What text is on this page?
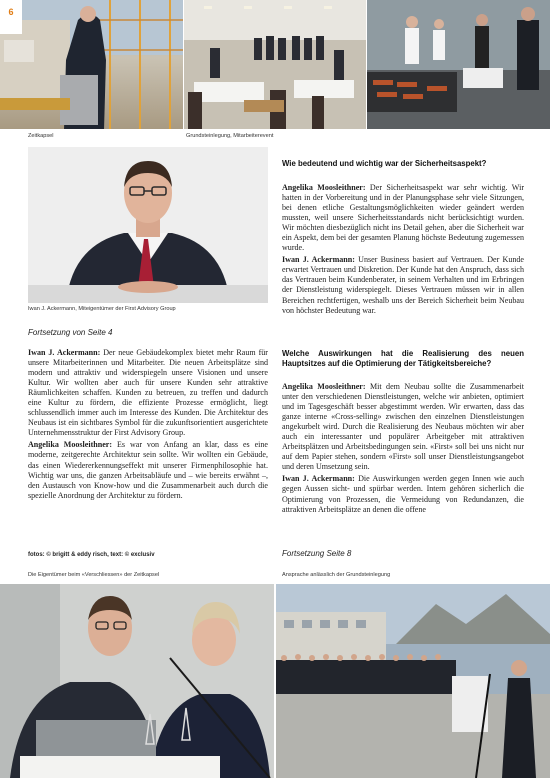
6
Zeitkapsel	Grundsteinlegung, Mitarbeiterevent
Iwan J. Ackermann, Miteigentümer der First Advisory Group
Fortsetzung von Seite 4

Iwan J. Ackermann: Der neue Gebäudekomplex bietet mehr Raum für unsere Mitarbeiterinnen und Mitarbeiter. Die neuen Arbeitsplätze sind modern und attraktiv und widerspiegeln unsere Visionen und unsere Kultur. Wir wollten aber auch für unsere Kunden sehr attraktive Räumlichkeiten schaffen. Kunden zu betreuen, zu treffen und dadurch eine Kultur zu fördern, die effiziente Prozesse ermöglicht, liegt schlussendlich immer auch im Interesse des Kunden. Die Architektur des Neubaus ist ein sichtbares Symbol für die zukunftsorientiert ausgerichtete Unternehmensstruktur der First Advisory Group.

Angelika Moosleithner: Es war von Anfang an klar, dass es eine moderne, zeitgerechte Architektur sein sollte. Wir wollten ein Gebäude, das einen Wiedererkennungseffekt mit unserer Firmenphilosophie hat. Wichtig war uns, die ganzen Arbeitsabläufe und – wie bereits erwähnt –, den Austausch von Know-how und die Zusammenarbeit auch durch die spezielle Anordnung der Architektur zu fördern.

fotos: © brigitt & eddy risch, text: © exclusiv
Wie bedeutend und wichtig war der Sicherheitsaspekt?

Angelika Moosleithner: Der Sicherheitsaspekt war sehr wichtig. Wir hatten in der Vorbereitung und in der Planungsphase sehr viele Sitzungen, bei denen etliche Gestaltungsmöglichkeiten wieder geändert werden mussten, weil unsere Sicherheitsstandards nicht berücksichtigt wurden. Wir möchten diesbezüglich nicht ins Detail gehen, aber die Sicherheit war ein Aspekt, dem bei der gesamten Planung höchste Bedeutung zugemessen wurde.

Iwan J. Ackermann: Unser Business basiert auf Vertrauen. Der Kunde erwartet Vertrauen und Diskretion. Der Kunde hat den Anspruch, dass sich das Vertrauen beim Kundenberater, in seinem Verhalten und im Erbringen der Dienstleistung widerspiegelt. Dieses Vertrauen müssen wir in allen Bereichen rechtfertigen, weshalb uns der Bereich Sicherheit beim Neubau von höchster Bedeutung war.

Welche Auswirkungen hat die Realisierung des neuen Hauptsitzes auf die Optimierung der Tätigkeitsbereiche?

Angelika Moosleithner: Mit dem Neubau sollte die Zusammenarbeit unter den verschiedenen Dienstleistungen, welche wir anbieten, optimiert und im Tagesgeschäft besser abgestimmt werden. Wir erwarten, dass das ganze interne «Cross-selling» zwischen den einzelnen Dienstleistungen angekurbelt wird. Durch die Realisierung des Neubaus möchten wir aber auch ein interessanter und populärer Arbeitgeber mit attraktiven Arbeitsplätzen und Arbeitsbedingungen sein. «First» soll bei uns nicht nur auf dem Papier stehen, sondern «First» soll unser Dienstleistungsangebot und deren Umsetzung sein.

Iwan J. Ackermann: Die Auswirkungen werden gegen Innen wie auch gegen Aussen sicht- und spürbar werden. Intern gehören sicherlich die Optimierung von Prozessen, die Vermeidung von Redundanzen, die attraktiven Arbeitsplätze an denen die offene

Fortsetzung Seite 8
Die Eigentümer beim «Verschliessen» der Zeitkapsel	Ansprache anlässlich der Grundsteinlegung
